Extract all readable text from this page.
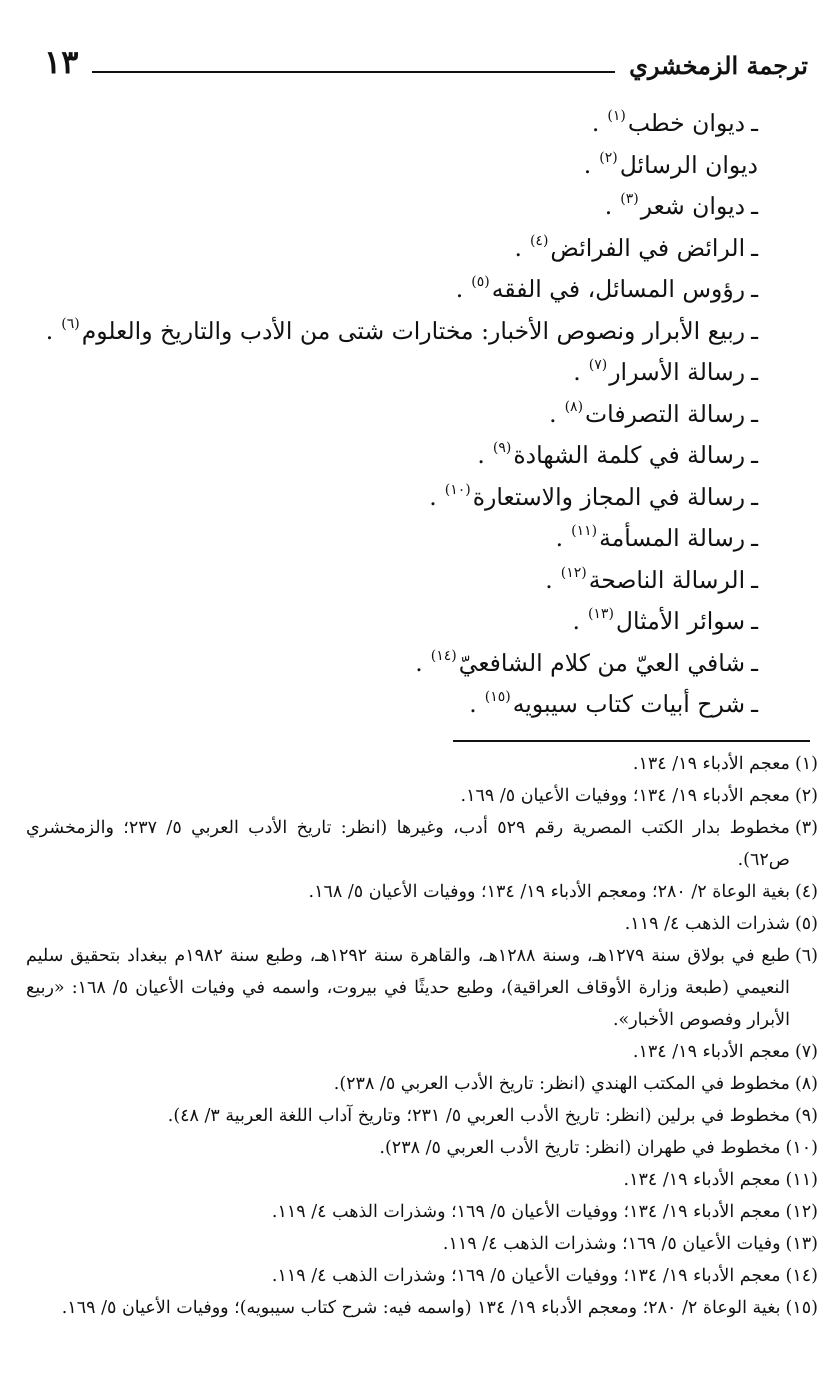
ترجمة الزمخشري
١٣
ـديوان خطب$^{(١)}$.
ديوان الرسائل$^{(٢)}$.
ـديوان شعر$^{(٣)}$.
ـالرائض في الفرائض$^{(٤)}$.
ـرؤوس المسائل، في الفقه$^{(٥)}$.
ـربيع الأبرار ونصوص الأخبار: مختارات شتى من الأدب والتاريخ والعلوم$^{(٦)}$.
ـرسالة الأسرار$^{(٧)}$.
ـرسالة التصرفات$^{(٨)}$.
ـرسالة في كلمة الشهادة$^{(٩)}$.
ـرسالة في المجاز والاستعارة$^{(١٠)}$.
ـرسالة المسأمة$^{(١١)}$.
ـالرسالة الناصحة$^{(١٢)}$.
ـسوائر الأمثال$^{(١٣)}$.
ـشافي العيّ من كلام الشافعيّ$^{(١٤)}$.
ـشرح أبيات كتاب سيبويه$^{(١٥)}$.
(١)
معجم الأدباء ١٩/ ١٣٤.
(٢)
معجم الأدباء ١٩/ ١٣٤؛ ووفيات الأعيان ٥/ ١٦٩.
(٣)
مخطوط بدار الكتب المصرية رقم ٥٢٩ أدب، وغيرها (انظر: تاريخ الأدب العربي ٥/ ٢٣٧؛ والزمخشري ص٦٢).
(٤)
بغية الوعاة ٢/ ٢٨٠؛ ومعجم الأدباء ١٩/ ١٣٤؛ ووفيات الأعيان ٥/ ١٦٨.
(٥)
شذرات الذهب ٤/ ١١٩.
(٦)
طبع في بولاق سنة ١٢٧٩هـ، وسنة ١٢٨٨هـ، والقاهرة سنة ١٢٩٢هـ، وطبع سنة ١٩٨٢م ببغداد بتحقيق سليم النعيمي (طبعة وزارة الأوقاف العراقية)، وطبع حديثًا في بيروت، واسمه في وفيات الأعيان ٥/ ١٦٨: «ربيع الأبرار وفصوص الأخبار».
(٧)
معجم الأدباء ١٩/ ١٣٤.
(٨)
مخطوط في المكتب الهندي (انظر: تاريخ الأدب العربي ٥/ ٢٣٨).
(٩)
مخطوط في برلين (انظر: تاريخ الأدب العربي ٥/ ٢٣١؛ وتاريخ آداب اللغة العربية ٣/ ٤٨).
(١٠)
مخطوط في طهران (انظر: تاريخ الأدب العربي ٥/ ٢٣٨).
(١١)
معجم الأدباء ١٩/ ١٣٤.
(١٢)
معجم الأدباء ١٩/ ١٣٤؛ ووفيات الأعيان ٥/ ١٦٩؛ وشذرات الذهب ٤/ ١١٩.
(١٣)
وفيات الأعيان ٥/ ١٦٩؛ وشذرات الذهب ٤/ ١١٩.
(١٤)
معجم الأدباء ١٩/ ١٣٤؛ ووفيات الأعيان ٥/ ١٦٩؛ وشذرات الذهب ٤/ ١١٩.
(١٥)
بغية الوعاة ٢/ ٢٨٠؛ ومعجم الأدباء ١٩/ ١٣٤ (واسمه فيه: شرح كتاب سيبويه)؛ ووفيات الأعيان ٥/ ١٦٩.
